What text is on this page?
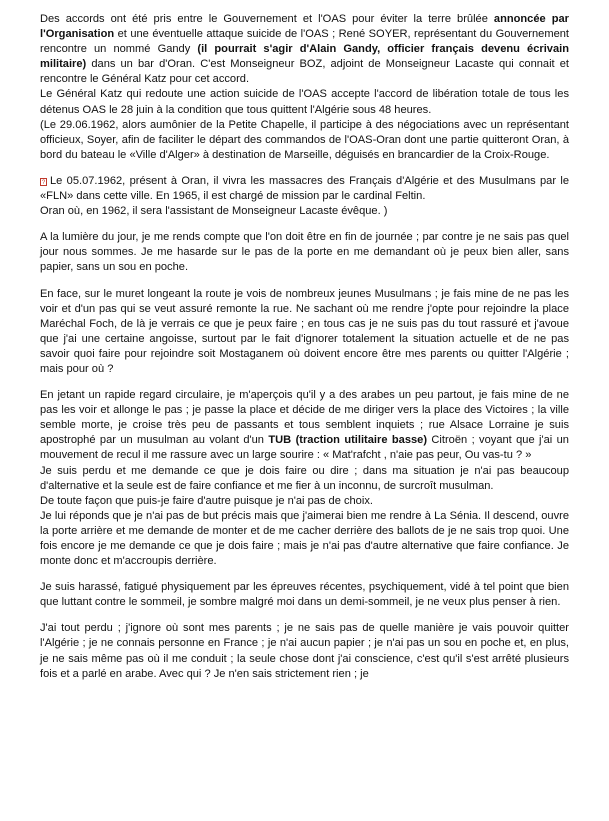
Des accords ont été pris entre le Gouvernement et l'OAS pour éviter la terre brûlée annoncée par l'Organisation et une éventuelle attaque suicide de l'OAS ; René SOYER, représentant du Gouvernement rencontre un nommé Gandy (il pourrait s'agir d'Alain Gandy, officier français devenu écrivain militaire) dans un bar d'Oran. C'est Monseigneur BOZ, adjoint de Monseigneur Lacaste qui connait et rencontre le Général Katz pour cet accord.

Le Général Katz qui redoute une action suicide de l'OAS accepte l'accord de libération totale de tous les détenus OAS le 28 juin à la condition que tous quittent l'Algérie sous 48 heures.

(Le 29.06.1962, alors aumônier de la Petite Chapelle, il participe à des négociations avec un représentant officieux, Soyer, afin de faciliter le départ des commandos de l'OAS-Oran dont une partie quitteront Oran, à bord du bateau le «Ville d'Alger» à destination de Marseille, déguisés en brancardier de la Croix-Rouge.

? Le 05.07.1962, présent à Oran, il vivra les massacres des Français d'Algérie et des Musulmans par le «FLN» dans cette ville. En 1965, il est chargé de mission par le cardinal Feltin.

Oran où, en 1962, il sera l'assistant de Monseigneur Lacaste évêque. )

A la lumière du jour, je me rends compte que l'on doit être en fin de journée ; par contre je ne sais pas quel jour nous sommes. Je me hasarde sur le pas de la porte en me demandant où je peux bien aller, sans papier, sans un sou en poche.

En face, sur le muret longeant la route je vois de nombreux jeunes Musulmans ; je fais mine de ne pas les voir et d'un pas qui se veut assuré remonte la rue. Ne sachant où me rendre j'opte pour rejoindre la place Maréchal Foch, de là je verrais ce que je peux faire ; en tous cas je ne suis pas du tout rassuré et j'avoue que j'ai une certaine angoisse, surtout par le fait d'ignorer totalement la situation actuelle et de ne pas savoir quoi faire pour rejoindre soit Mostaganem où doivent encore être mes parents ou quitter l'Algérie ; mais pour où ?

En jetant un rapide regard circulaire, je m'aperçois qu'il y a des arabes un peu partout, je fais mine de ne pas les voir et allonge le pas ; je passe la place et décide de me diriger vers la place des Victoires ; la ville semble morte, je croise très peu de passants et tous semblent inquiets ; rue Alsace Lorraine je suis apostrophé par un musulman au volant d'un TUB (traction utilitaire basse) Citroën ; voyant que j'ai un mouvement de recul il me rassure avec un large sourire : « Mat'rafcht , n'aie pas peur, Ou vas-tu ? »

Je suis perdu et me demande ce que je dois faire ou dire ; dans ma situation je n'ai pas beaucoup d'alternative et la seule est de faire confiance et me fier à un inconnu, de surcroît musulman.

De toute façon que puis-je faire d'autre puisque je n'ai pas de choix.

Je lui réponds que je n'ai pas de but précis mais que j'aimerai bien me rendre à La Sénia. Il descend, ouvre la porte arrière et me demande de monter et de me cacher derrière des ballots de je ne sais trop quoi. Une fois encore je me demande ce que je dois faire ; mais je n'ai pas d'autre alternative que faire confiance. Je monte donc et m'accroupis derrière.

Je suis harassé, fatigué physiquement par les épreuves récentes, psychiquement, vidé à tel point que bien que luttant contre le sommeil, je sombre malgré moi dans un demi-sommeil, je ne veux plus penser à rien.

J'ai tout perdu ; j'ignore où sont mes parents ; je ne sais pas de quelle manière je vais pouvoir quitter l'Algérie ; je ne connais personne en France ; je n'ai aucun papier ; je n'ai pas un sou en poche et, en plus, je ne sais même pas où il me conduit ; la seule chose dont j'ai conscience, c'est qu'il s'est arrêté plusieurs fois et a parlé en arabe. Avec qui ? Je n'en sais strictement rien ; je
